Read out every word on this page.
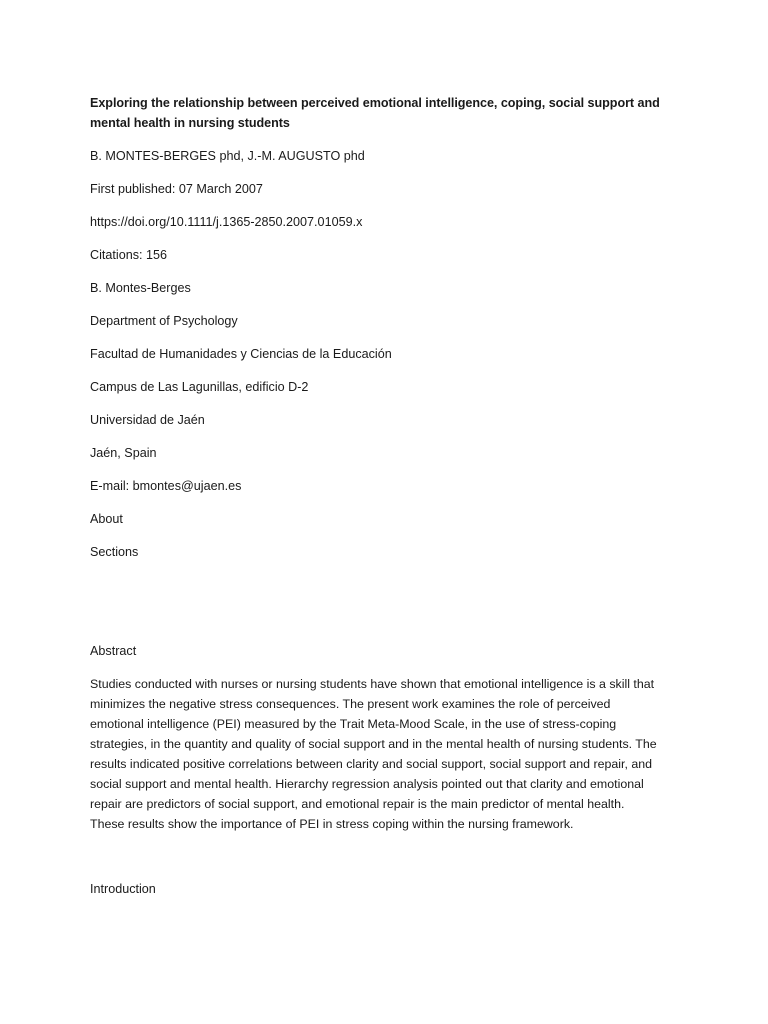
Exploring the relationship between perceived emotional intelligence, coping, social support and mental health in nursing students
B. MONTES-BERGES phd, J.-M. AUGUSTO phd
First published: 07 March 2007
https://doi.org/10.1111/j.1365-2850.2007.01059.x
Citations: 156
B. Montes-Berges
Department of Psychology
Facultad de Humanidades y Ciencias de la Educación
Campus de Las Lagunillas, edificio D-2
Universidad de Jaén
Jaén, Spain
E-mail: bmontes@ujaen.es
About
Sections
Abstract
Studies conducted with nurses or nursing students have shown that emotional intelligence is a skill that
minimizes the negative stress consequences. The present work examines the role of perceived
emotional intelligence (PEI) measured by the Trait Meta-Mood Scale, in the use of stress-coping
strategies, in the quantity and quality of social support and in the mental health of nursing students. The
results indicated positive correlations between clarity and social support, social support and repair, and
social support and mental health. Hierarchy regression analysis pointed out that clarity and emotional
repair are predictors of social support, and emotional repair is the main predictor of mental health.
These results show the importance of PEI in stress coping within the nursing framework.
Introduction
